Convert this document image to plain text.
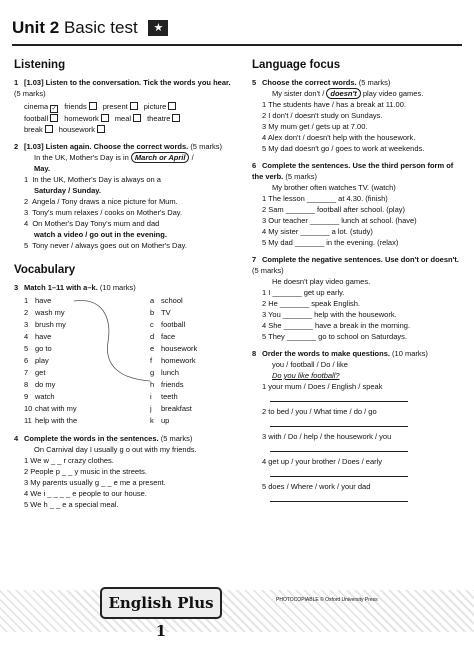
Unit 2 Basic test ★
Listening
1 [1.03] Listen to the conversation. Tick the words you hear. (5 marks)
cinema ✓ friends present picture
football homework meal theatre
break housework
2 [1.03] Listen again. Choose the correct words. (5 marks)
In the UK, Mother's Day is in March or April /
May.
1 In the UK, Mother's Day is always on a
Saturday / Sunday.
2 Angela / Tony draws a nice picture for Mum.
3 Tony's mum relaxes / cooks on Mother's Day.
4 On Mother's Day Tony's mum and dad
watch a video / go out in the evening.
5 Tony never / always goes out on Mother's Day.
Vocabulary
3 Match 1–11 with a–k. (10 marks)
1 have
2 wash my
3 brush my
4 have
5 go to
6 play
7 get
8 do my
9 watch
10 chat with my
11 help with the
a school
b TV
c football
d face
e housework
f homework
g lunch
h friends
i teeth
j breakfast
k up
4 Complete the words in the sentences. (5 marks)
On Carnival day I usually g o out with my friends.
1 We w _ _ r crazy clothes.
2 People p _ _ y music in the streets.
3 My parents usually g _ _ e me a present.
4 We i _ _ _ _ e people to our house.
5 We h _ _ e a special meal.
Language focus
5 Choose the correct words. (5 marks)
My sister don't / doesn't play video games.
1 The students have / has a break at 11.00.
2 I don't / doesn't study on Sundays.
3 My mum get / gets up at 7.00.
4 Alex don't / doesn't help with the housework.
5 My dad doesn't go / goes to work at weekends.
6 Complete the sentences. Use the third person form of the verb. (5 marks)
My brother often watches TV. (watch)
1 The lesson _______ at 4.30. (finish)
2 Sam _______ football after school. (play)
3 Our teacher _______ lunch at school. (have)
4 My sister _______ a lot. (study)
5 My dad _______ in the evening. (relax)
7 Complete the negative sentences. Use don't or doesn't. (5 marks)
He doesn't play video games.
1 I _______ get up early.
2 He _______ speak English.
3 You _______ help with the housework.
4 She _______ have a break in the morning.
5 They _______ go to school on Saturdays.
8 Order the words to make questions. (10 marks)
you / football / Do / like
Do you like football?
1 your mum / Does / English / speak
2 to bed / you / What time / do / go
3 with / Do / help / the housework / you
4 get up / your brother / Does / early
5 does / Where / work / your dad
English Plus 1
PHOTOCOPIABLE © Oxford University Press
